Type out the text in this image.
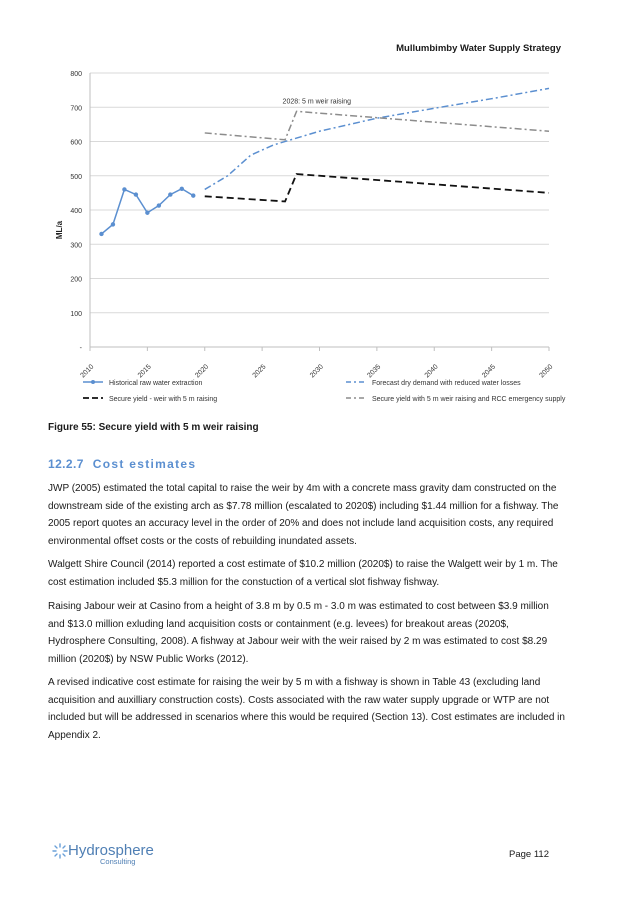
Mullumbimby Water Supply Strategy
-
100
200
300
400
500
600
700
800
2010	2015	2020	2025	2030	2035	2040	2045	2050
ML/a
2028: 5 m weir raising
Historical raw water extraction	Forecast dry demand with reduced water losses
Secure yield - weir with 5 m raising	Secure yield with 5 m weir raising and RCC emergency supply
Figure 55: Secure yield with 5 m weir raising
12.2.7 Cost estimates
JWP (2005) estimated the total capital to raise the weir by 4m with a concrete mass gravity dam constructed on the downstream side of the existing arch as $7.78 million (escalated to 2020$) including $1.44 million for a fishway. The 2005 report quotes an accuracy level in the order of 20% and does not include land acquisition costs, any required environmental offset costs or the costs of rebuilding inundated assets.
Walgett Shire Council (2014) reported a cost estimate of $10.2 million (2020$) to raise the Walgett weir by 1 m. The cost estimation included $5.3 million for the constuction of a vertical slot fishway fishway.
Raising Jabour weir at Casino from a height of 3.8 m by 0.5 m - 3.0 m was estimated to cost between $3.9 million and $13.0 million exluding land acquisition costs or containment (e.g. levees) for breakout areas (2020$, Hydrosphere Consulting, 2008). A fishway at Jabour weir with the weir raised by 2 m was estimated to cost $8.29 million (2020$) by NSW Public Works (2012).
A revised indicative cost estimate for raising the weir by 5 m with a fishway is shown in Table 43 (excluding land acquisition and auxilliary construction costs). Costs associated with the raw water supply upgrade or WTP are not included but will be addressed in scenarios where this would be required (Section 13). Cost estimates are included in Appendix 2.
Hydrosphere
Consulting
Page 112
